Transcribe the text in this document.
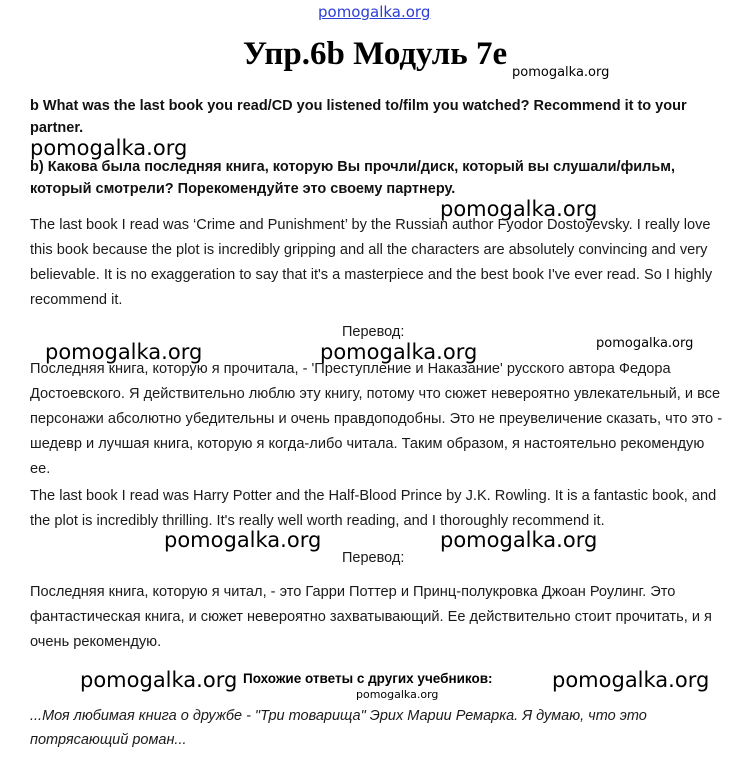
pomogalka.org
Упр.6b Модуль 7e
pomogalka.org
b What was the last book you read/CD you listened to/film you watched? Recommend it to your partner.
pomogalka.org
b) Какова была последняя книга, которую Вы прочли/диск, который вы слушали/фильм, который смотрели? Порекомендуйте это своему партнеру.
pomogalka.org
The last book I read was ‘Crime and Punishment’ by the Russian author Fyodor Dostoyevsky. I really love this book because the plot is incredibly gripping and all the characters are absolutely convincing and very believable. It is no exaggeration to say that it's a masterpiece and the best book I've ever read. So I highly recommend it.
Перевод:
pomogalka.org
pomogalka.org	pomogalka.org
Последняя книга, которую я прочитала, - 'Преступление и Наказание' русского автора Федора Достоевского. Я действительно люблю эту книгу, потому что сюжет невероятно увлекательный, и все персонажи абсолютно убедительны и очень правдоподобны. Это не преувеличение сказать, что это - шедевр и лучшая книга, которую я когда-либо читала. Таким образом, я настоятельно рекомендую ее.
The last book I read was Harry Potter and the Half-Blood Prince by J.K. Rowling. It is a fantastic book, and the plot is incredibly thrilling. It's really well worth reading, and I thoroughly recommend it.
pomogalka.org	pomogalka.org
Перевод:
Последняя книга, которую я читал, - это Гарри Поттер и Принц-полукровка Джоан Роулинг. Это фантастическая книга, и сюжет невероятно захватывающий. Ее действительно стоит прочитать, и я очень рекомендую.
pomogalka.org Похожие ответы с других учебников:	pomogalka.org
pomogalka.org
...Моя любимая книга о дружбе - "Три товарища" Эрих Марии Ремарка. Я думаю, что это потрясающий роман...
